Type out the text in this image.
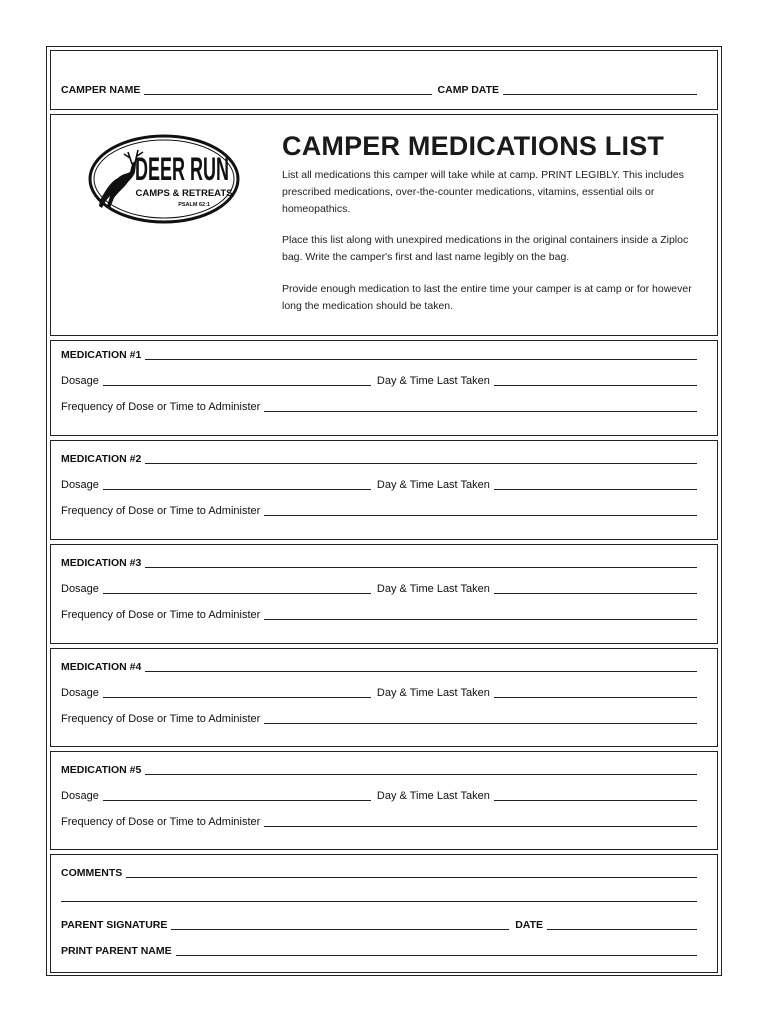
CAMPER NAME	CAMP DATE
DEER RUN
CAMPS & RETREATS
PSALM 62:1
CAMPER MEDICATIONS LIST
List all medications this camper will take while at camp. PRINT LEGIBLY. This includes prescribed medications, over-the-counter medications, vitamins, essential oils or homeopathics.
Place this list along with unexpired medications in the original containers inside a Ziploc bag. Write the camper's first and last name legibly on the bag.
Provide enough medication to last the entire time your camper is at camp or for however long the medication should be taken.
MEDICATION #1
Dosage	Day & Time Last Taken
Frequency of Dose or Time to Administer
MEDICATION #2
Dosage	Day & Time Last Taken
Frequency of Dose or Time to Administer
MEDICATION #3
Dosage	Day & Time Last Taken
Frequency of Dose or Time to Administer
MEDICATION #4
Dosage	Day & Time Last Taken
Frequency of Dose or Time to Administer
MEDICATION #5
Dosage	Day & Time Last Taken
Frequency of Dose or Time to Administer
COMMENTS
PARENT SIGNATURE	DATE
PRINT PARENT NAME
